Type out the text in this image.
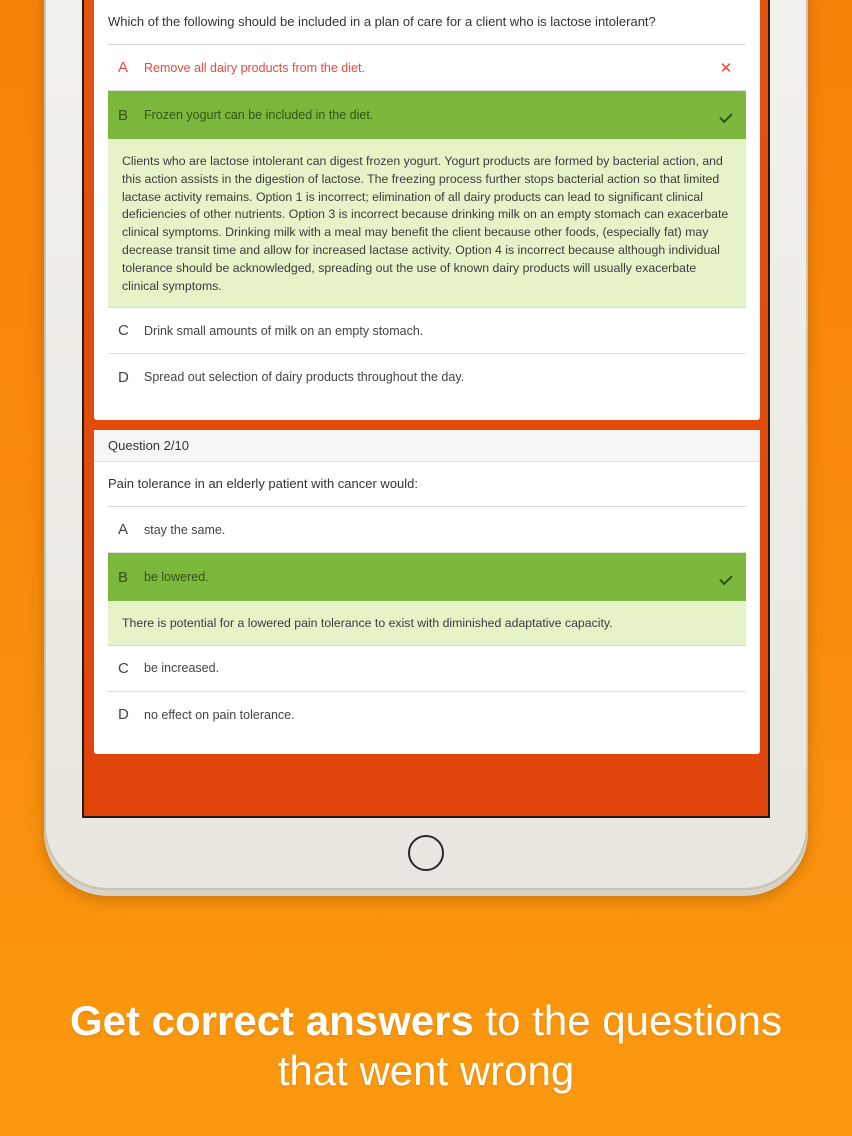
Which of the following should be included in a plan of care for a client who is lactose intolerant?
A	Remove all dairy products from the diet.	✕
B	Frozen yogurt can be included in the diet.
Clients who are lactose intolerant can digest frozen yogurt. Yogurt products are formed by bacterial action, and this action assists in the digestion of lactose. The freezing process further stops bacterial action so that limited lactase activity remains. Option 1 is incorrect; elimination of all dairy products can lead to significant clinical deficiencies of other nutrients. Option 3 is incorrect because drinking milk on an empty stomach can exacerbate clinical symptoms. Drinking milk with a meal may benefit the client because other foods, (especially fat) may decrease transit time and allow for increased lactase activity. Option 4 is incorrect because although individual tolerance should be acknowledged, spreading out the use of known dairy products will usually exacerbate clinical symptoms.
C	Drink small amounts of milk on an empty stomach.
D	Spread out selection of dairy products throughout the day.
Question 2/10
Pain tolerance in an elderly patient with cancer would:
A	stay the same.
B	be lowered.
There is potential for a lowered pain tolerance to exist with diminished adaptative capacity.
C	be increased.
D	no effect on pain tolerance.
Get correct answers to the questions
that went wrong
